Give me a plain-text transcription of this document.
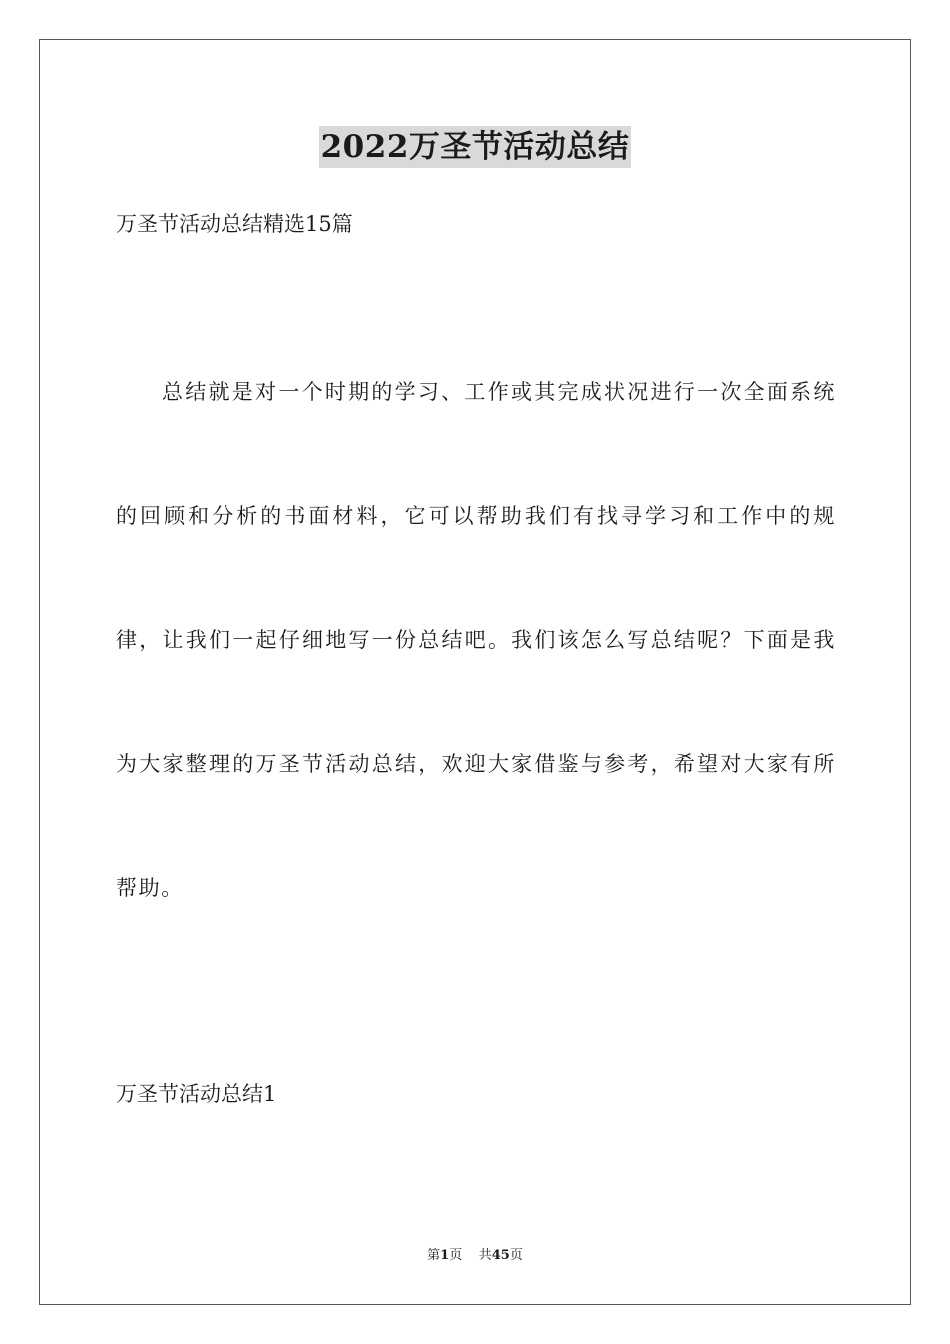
2022万圣节活动总结
万圣节活动总结精选15篇

总结就是对一个时期的学习、工作或其完成状况进行一次全面系统的回顾和分析的书面材料，它可以帮助我们有找寻学习和工作中的规律，让我们一起仔细地写一份总结吧。我们该怎么写总结呢？下面是我为大家整理的万圣节活动总结，欢迎大家借鉴与参考，希望对大家有所帮助。

万圣节活动总结1
第1页 共45页
